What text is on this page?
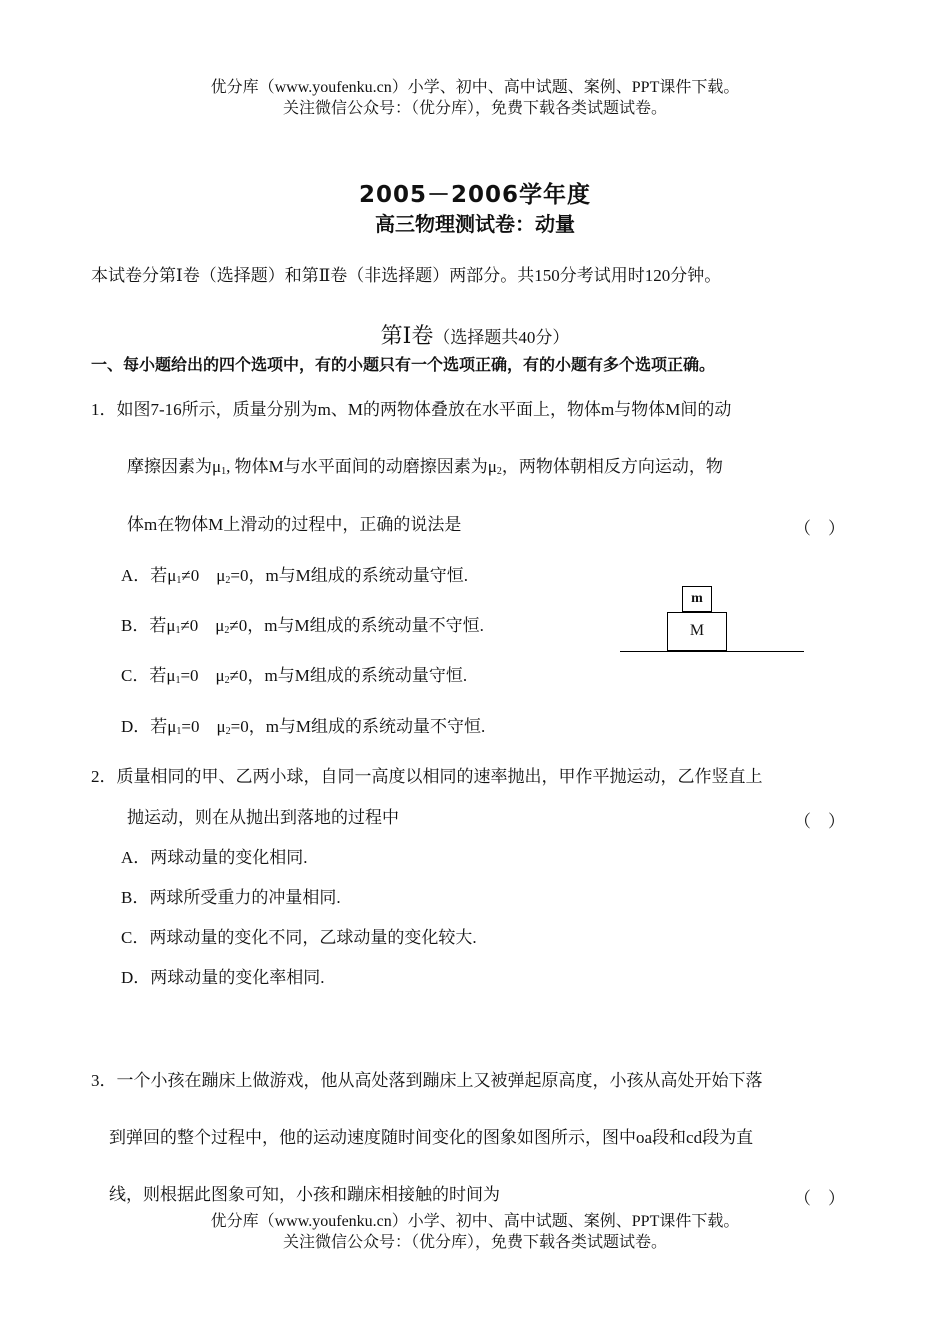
优分库（www.youfenku.cn）小学、初中、高中试题、案例、PPT课件下载。
关注微信公众号：（优分库），免费下载各类试题试卷。
2005－2006学年度
高三物理测试卷：动量
本试卷分第Ⅰ卷（选择题）和第Ⅱ卷（非选择题）两部分。共150分考试用时120分钟。
第Ⅰ卷（选择题共40分）
一、每小题给出的四个选项中，有的小题只有一个选项正确，有的小题有多个选项正确。
1．如图7-16所示，质量分别为m、M的两物体叠放在水平面上，物体m与物体M间的动
摩擦因素为$\mu_1$, 物体M与水平面间的动磨擦因素为$\mu_2$，两物体朝相反方向运动，物
体m在物体M上滑动的过程中，正确的说法是	（　）
A．若$\mu_1\ne 0$　$\mu_2=0$，m与M组成的系统动量守恒.
B．若$\mu_1\ne 0$　$\mu_2\ne 0$，m与M组成的系统动量不守恒.
C．若$\mu_1=0$　$\mu_2\ne 0$，m与M组成的系统动量守恒.
D．若$\mu_1=0$　$\mu_2=0$，m与M组成的系统动量不守恒.
m
M
2．质量相同的甲、乙两小球，自同一高度以相同的速率抛出，甲作平抛运动，乙作竖直上
抛运动，则在从抛出到落地的过程中	（　）
A．两球动量的变化相同.
B．两球所受重力的冲量相同.
C．两球动量的变化不同，乙球动量的变化较大.
D．两球动量的变化率相同.
3．一个小孩在蹦床上做游戏，他从高处落到蹦床上又被弹起原高度，小孩从高处开始下落
到弹回的整个过程中，他的运动速度随时间变化的图象如图所示，图中oa段和cd段为直
线，则根据此图象可知，小孩和蹦床相接触的时间为	（　）
优分库（www.youfenku.cn）小学、初中、高中试题、案例、PPT课件下载。
关注微信公众号：（优分库），免费下载各类试题试卷。
